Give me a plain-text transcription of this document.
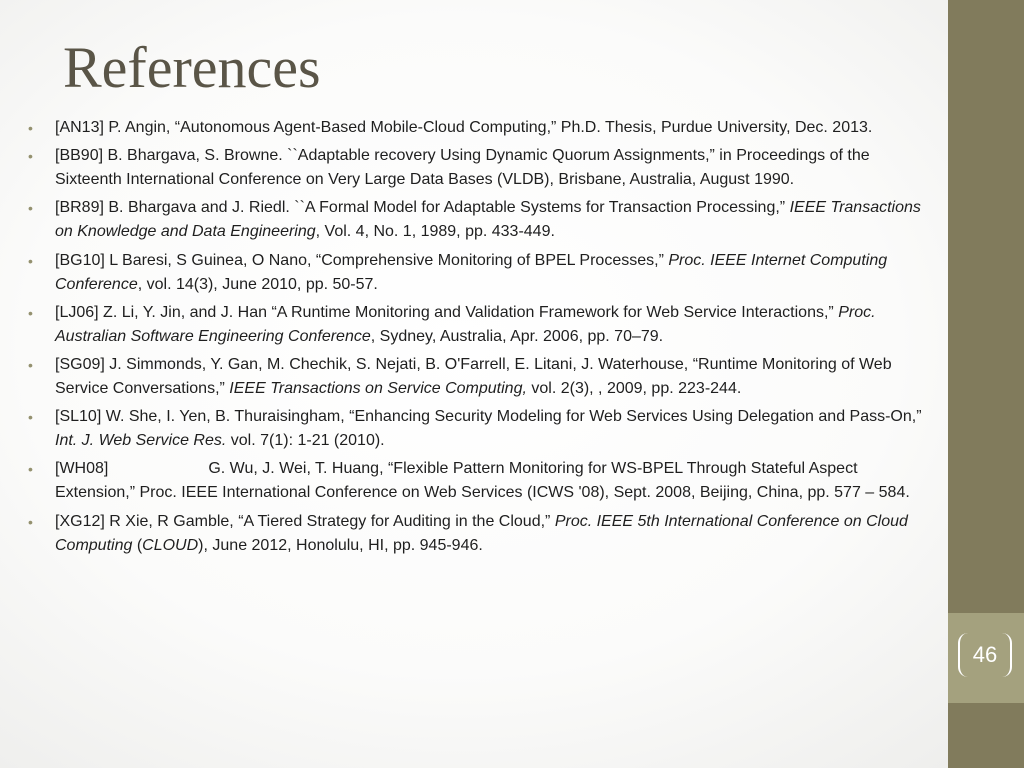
References
• [AN13] P. Angin, “Autonomous Agent-Based Mobile-Cloud Computing,” Ph.D. Thesis, Purdue University, Dec. 2013.
• [BB90] B. Bhargava, S. Browne. ``Adaptable recovery Using Dynamic Quorum Assignments,” in Proceedings of the Sixteenth International Conference on Very Large Data Bases (VLDB), Brisbane, Australia, August 1990.
• [BR89] B. Bhargava and J. Riedl. ``A Formal Model for Adaptable Systems for Transaction Processing,” IEEE Transactions on Knowledge and Data Engineering, Vol. 4, No. 1, 1989, pp. 433-449.
• [BG10] L Baresi, S Guinea, O Nano, “Comprehensive Monitoring of BPEL Processes,” Proc. IEEE Internet Computing Conference, vol. 14(3), June 2010, pp. 50-57.
• [LJ06] Z. Li, Y. Jin, and J. Han “A Runtime Monitoring and Validation Framework for Web Service Interactions,” Proc. Australian Software Engineering Conference, Sydney, Australia, Apr. 2006, pp. 70–79.
• [SG09] J. Simmonds, Y. Gan, M. Chechik, S. Nejati, B. O'Farrell, E. Litani, J. Waterhouse, “Runtime Monitoring of Web Service Conversations,” IEEE Transactions on Service Computing, vol. 2(3), , 2009, pp. 223-244.
• [SL10] W. She, I. Yen, B. Thuraisingham, “Enhancing Security Modeling for Web Services Using Delegation and Pass-On,” Int. J. Web Service Res. vol. 7(1): 1-21 (2010).
• [WH08]	G. Wu, J. Wei, T. Huang, “Flexible Pattern Monitoring for WS-BPEL Through Stateful Aspect Extension,” Proc. IEEE International Conference on Web Services (ICWS '08), Sept. 2008, Beijing, China, pp. 577 – 584.
• [XG12] R Xie, R Gamble, “A Tiered Strategy for Auditing in the Cloud,” Proc. IEEE 5th International Conference on Cloud Computing (CLOUD), June 2012, Honolulu, HI, pp. 945-946.
46
